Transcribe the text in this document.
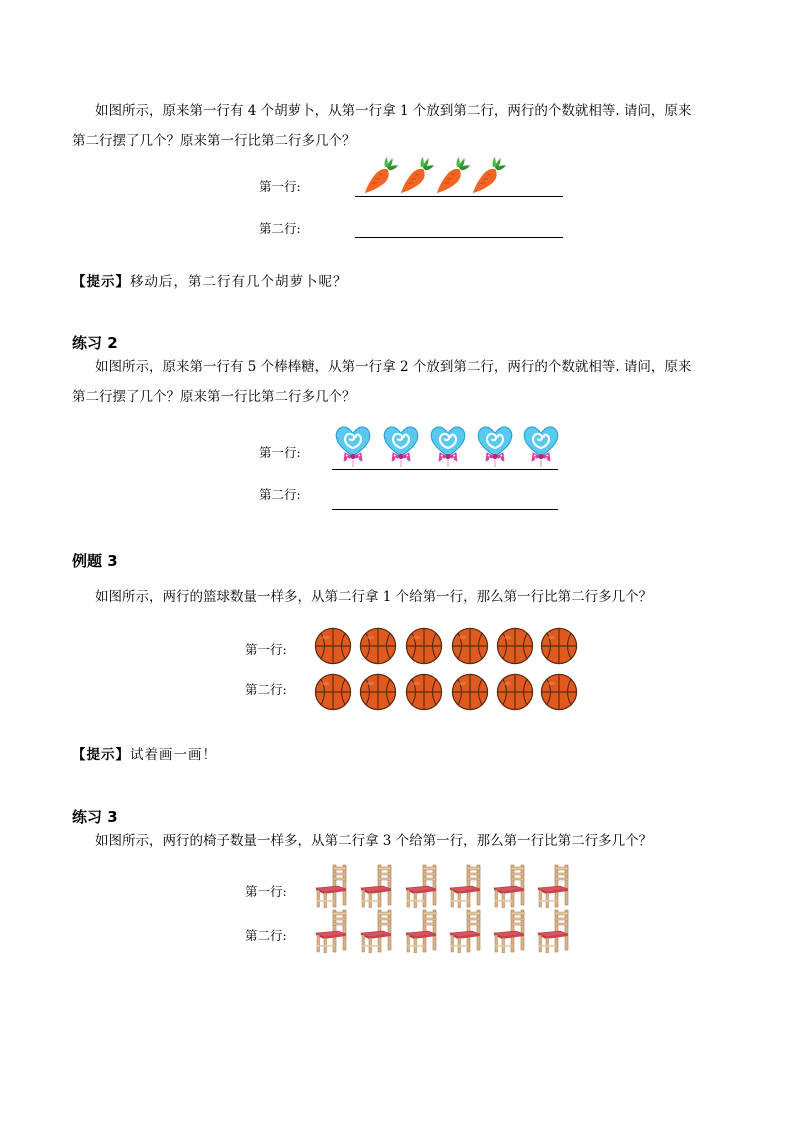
如图所示，原来第一行有 4 个胡萝卜，从第一行拿 1 个放到第二行，两行的个数就相等. 请问，原来
第二行摆了几个？原来第一行比第二行多几个？
第一行:
第二行:
【提示】移动后，第二行有几个胡萝卜呢？
练习 2
如图所示，原来第一行有 5 个棒棒糖，从第一行拿 2 个放到第二行，两行的个数就相等. 请问，原来
第二行摆了几个？原来第一行比第二行多几个？
第一行:
第二行:
例题 3
如图所示，两行的篮球数量一样多，从第二行拿 1 个给第一行，那么第一行比第二行多几个？
第一行:
第二行:
【提示】试着画一画！
练习 3
如图所示，两行的椅子数量一样多，从第二行拿 3 个给第一行，那么第一行比第二行多几个？
第一行:
第二行:
